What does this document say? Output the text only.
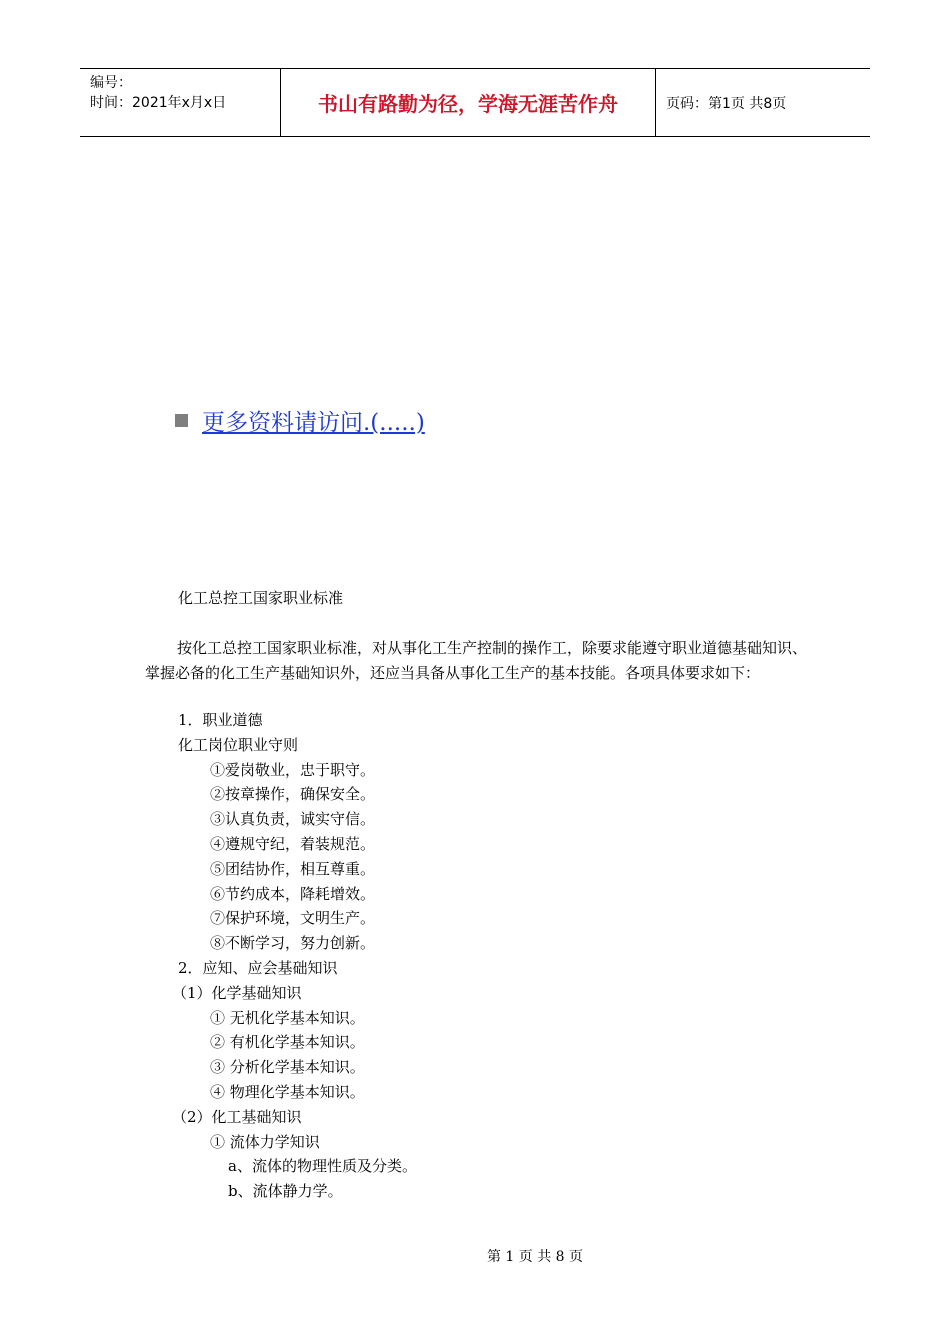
编号：
时间：2021年x月x日	书山有路勤为径，学海无涯苦作舟	页码：第1页 共8页
更多资料请访问.(.....)
化工总控工国家职业标准

按化工总控工国家职业标准，对从事化工生产控制的操作工，除要求能遵守职业道德基础知识、掌握必备的化工生产基础知识外，还应当具备从事化工生产的基本技能。各项具体要求如下：

1．职业道德
化工岗位职业守则
①爱岗敬业，忠于职守。
②按章操作，确保安全。
③认真负责，诚实守信。
④遵规守纪，着装规范。
⑤团结协作，相互尊重。
⑥节约成本，降耗增效。
⑦保护环境，文明生产。
⑧不断学习，努力创新。
2．应知、应会基础知识
（1）化学基础知识
① 无机化学基本知识。
② 有机化学基本知识。
③ 分析化学基本知识。
④ 物理化学基本知识。
（2）化工基础知识
① 流体力学知识
a、流体的物理性质及分类。
b、流体静力学。
第 1 页 共 8 页
